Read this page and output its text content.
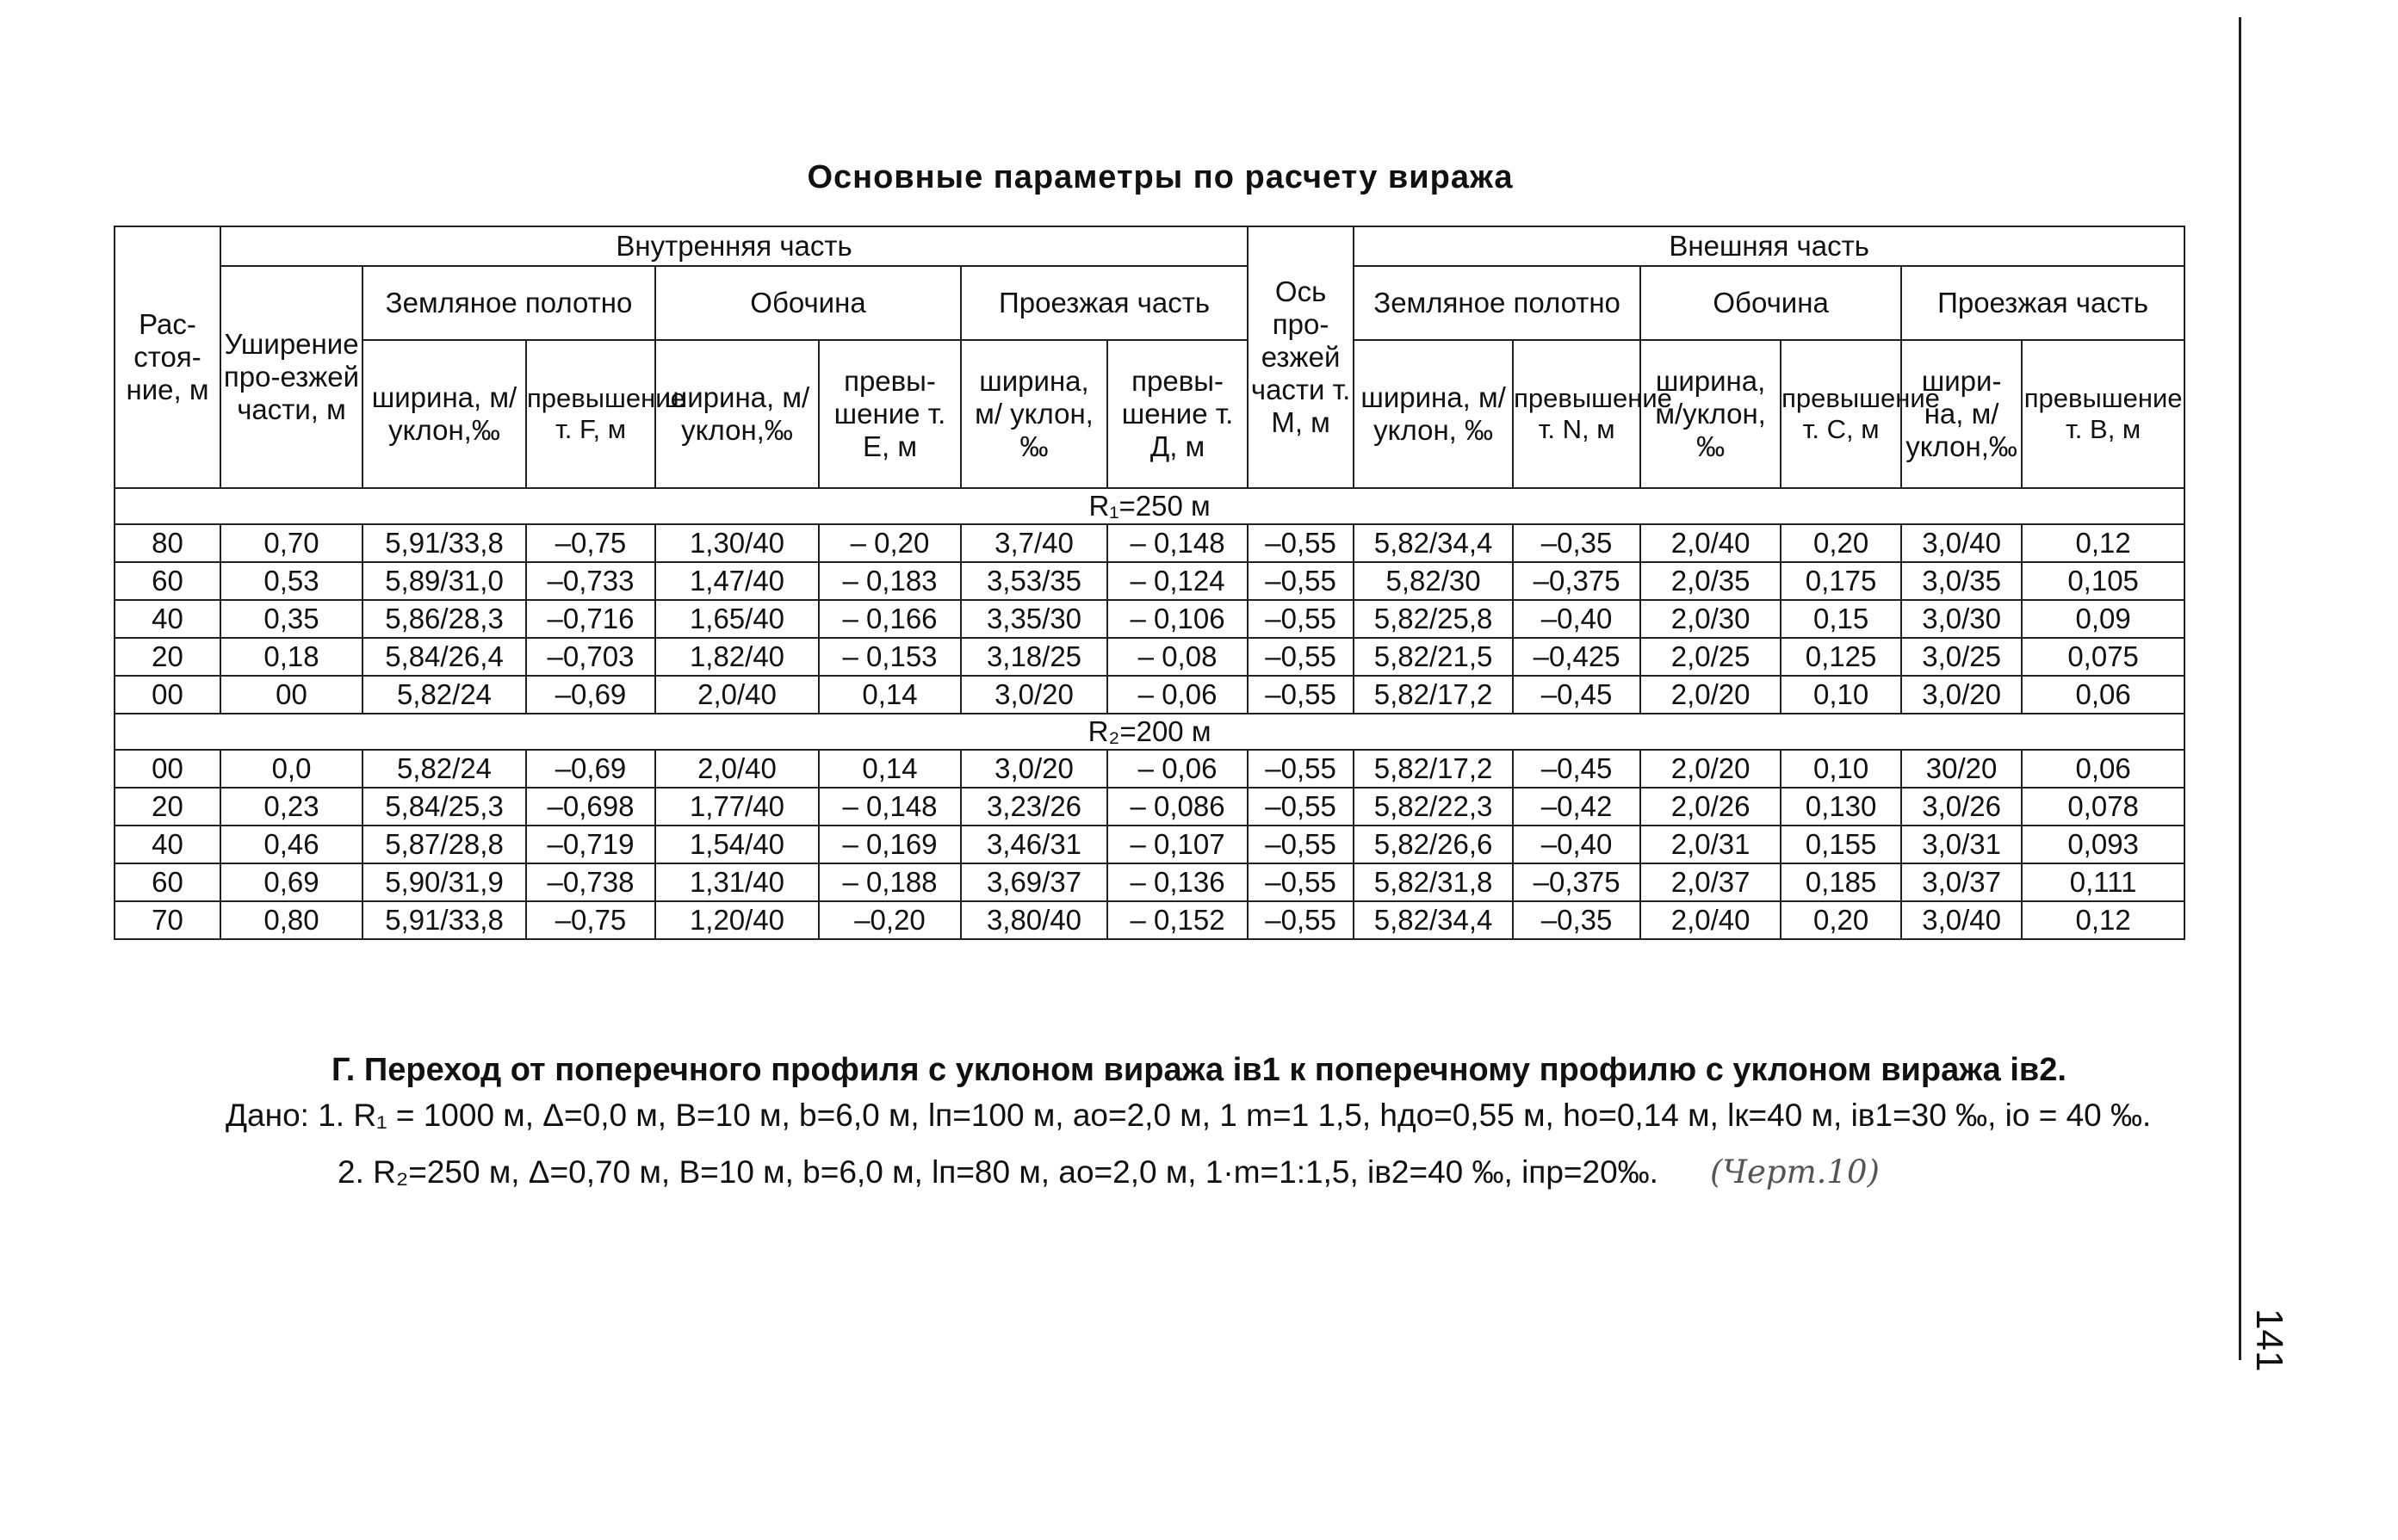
Основные параметры по расчету виража
Рас-стоя-ние, м	Внутренняя часть							Ось про-езжей части т. М, м	Внешняя часть					
	Уширение про-езжей части, м	Земляное полотно		Обочина		Проезжая часть			Земляное полотно		Обочина		Проезжая часть	
		ширина, м/уклон,‰	превышение т. F, м	ширина, м/уклон,‰	превы-шение т. Е, м	ширина, м/ уклон, ‰	превы-шение т. Д, м		ширина, м/уклон, ‰	превышение т. N, м	ширина, м/уклон, ‰	превышение т. С, м	шири-на, м/уклон,‰	превышение т. В, м
R₁=250 м														
80	0,70	5,91/33,8	–0,75	1,30/40	– 0,20	3,7/40	– 0,148	–0,55	5,82/34,4	–0,35	2,0/40	0,20	3,0/40	0,12
60	0,53	5,89/31,0	–0,733	1,47/40	– 0,183	3,53/35	– 0,124	–0,55	5,82/30	–0,375	2,0/35	0,175	3,0/35	0,105
40	0,35	5,86/28,3	–0,716	1,65/40	– 0,166	3,35/30	– 0,106	–0,55	5,82/25,8	–0,40	2,0/30	0,15	3,0/30	0,09
20	0,18	5,84/26,4	–0,703	1,82/40	– 0,153	3,18/25	– 0,08	–0,55	5,82/21,5	–0,425	2,0/25	0,125	3,0/25	0,075
00	00	5,82/24	–0,69	2,0/40	0,14	3,0/20	– 0,06	–0,55	5,82/17,2	–0,45	2,0/20	0,10	3,0/20	0,06
R₂=200 м														
00	0,0	5,82/24	–0,69	2,0/40	0,14	3,0/20	– 0,06	–0,55	5,82/17,2	–0,45	2,0/20	0,10	30/20	0,06
20	0,23	5,84/25,3	–0,698	1,77/40	– 0,148	3,23/26	– 0,086	–0,55	5,82/22,3	–0,42	2,0/26	0,130	3,0/26	0,078
40	0,46	5,87/28,8	–0,719	1,54/40	– 0,169	3,46/31	– 0,107	–0,55	5,82/26,6	–0,40	2,0/31	0,155	3,0/31	0,093
60	0,69	5,90/31,9	–0,738	1,31/40	– 0,188	3,69/37	– 0,136	–0,55	5,82/31,8	–0,375	2,0/37	0,185	3,0/37	0,111
70	0,80	5,91/33,8	–0,75	1,20/40	–0,20	3,80/40	– 0,152	–0,55	5,82/34,4	–0,35	2,0/40	0,20	3,0/40	0,12
Г. Переход от поперечного профиля с уклоном виража iв1 к поперечному профилю с уклоном виража iв2.
Дано: 1. R₁ = 1000 м, Δ=0,0 м, В=10 м, b=6,0 м, lп=100 м, aо=2,0 м, 1 m=1 1,5, hдо=0,55 м, hо=0,14 м, lк=40 м, iв1=30 ‰, iо = 40 ‰.
2. R₂=250 м, Δ=0,70 м, В=10 м, b=6,0 м, lп=80 м, aо=2,0 м, 1·m=1:1,5, iв2=40 ‰, iпр=20‰. (Черт.10)
141
